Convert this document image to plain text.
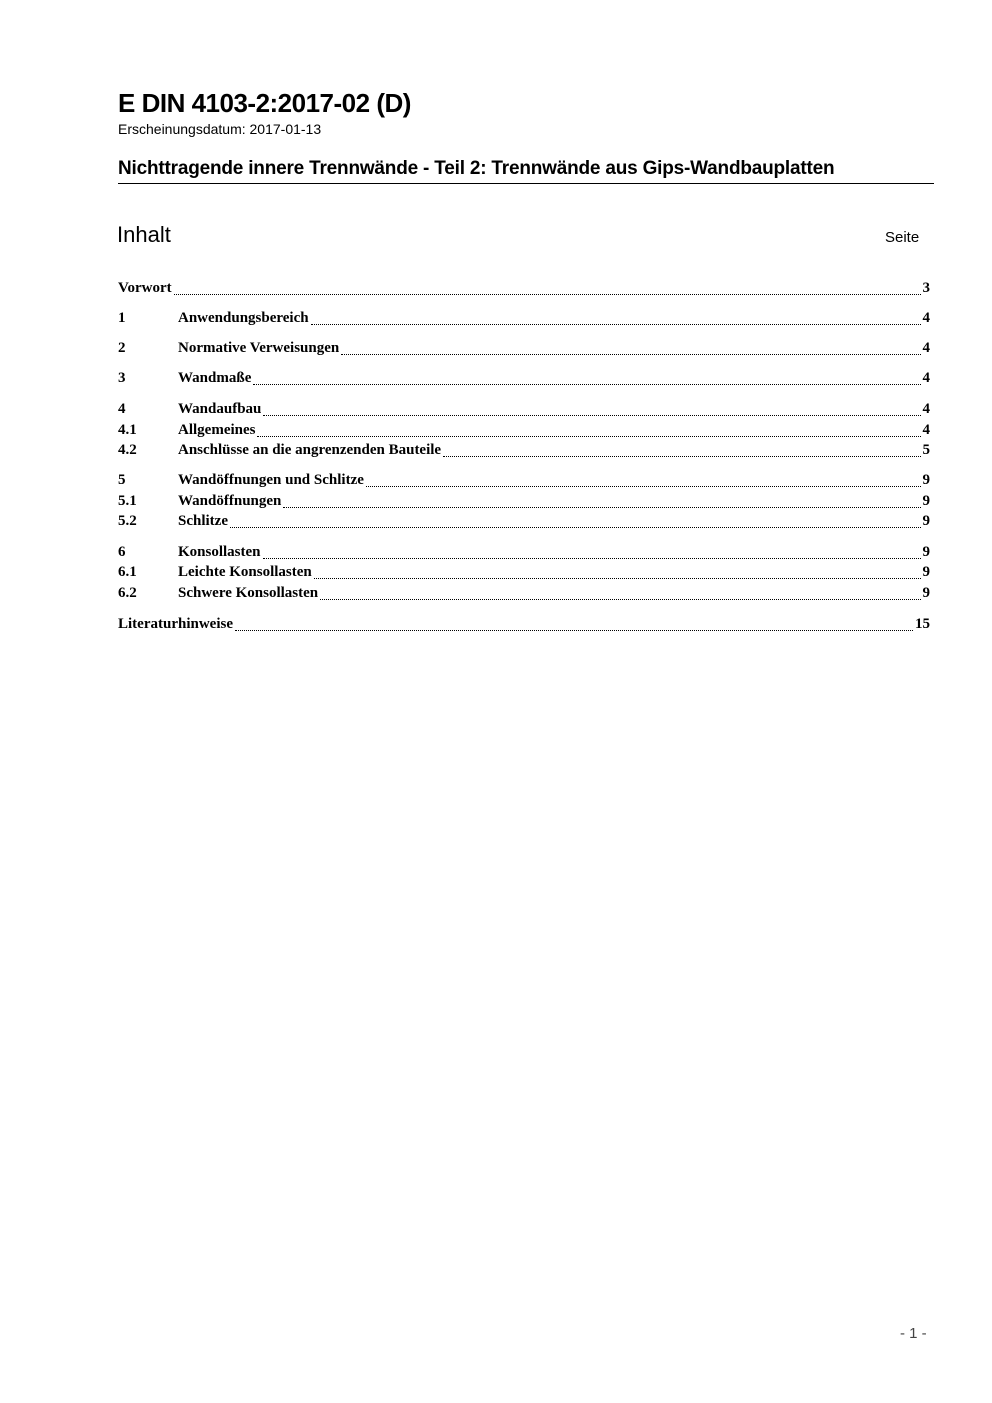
E DIN 4103-2:2017-02 (D)
Erscheinungsdatum: 2017-01-13
Nichttragende innere Trennwände - Teil 2: Trennwände aus Gips-Wandbauplatten
Inhalt	Seite
Vorwort	3
1	Anwendungsbereich	4
2	Normative Verweisungen	4
3	Wandmaße	4
4	Wandaufbau	4
4.1	Allgemeines	4
4.2	Anschlüsse an die angrenzenden Bauteile	5
5	Wandöffnungen und Schlitze	9
5.1	Wandöffnungen	9
5.2	Schlitze	9
6	Konsollasten	9
6.1	Leichte Konsollasten	9
6.2	Schwere Konsollasten	9
Literaturhinweise	15
- 1 -
